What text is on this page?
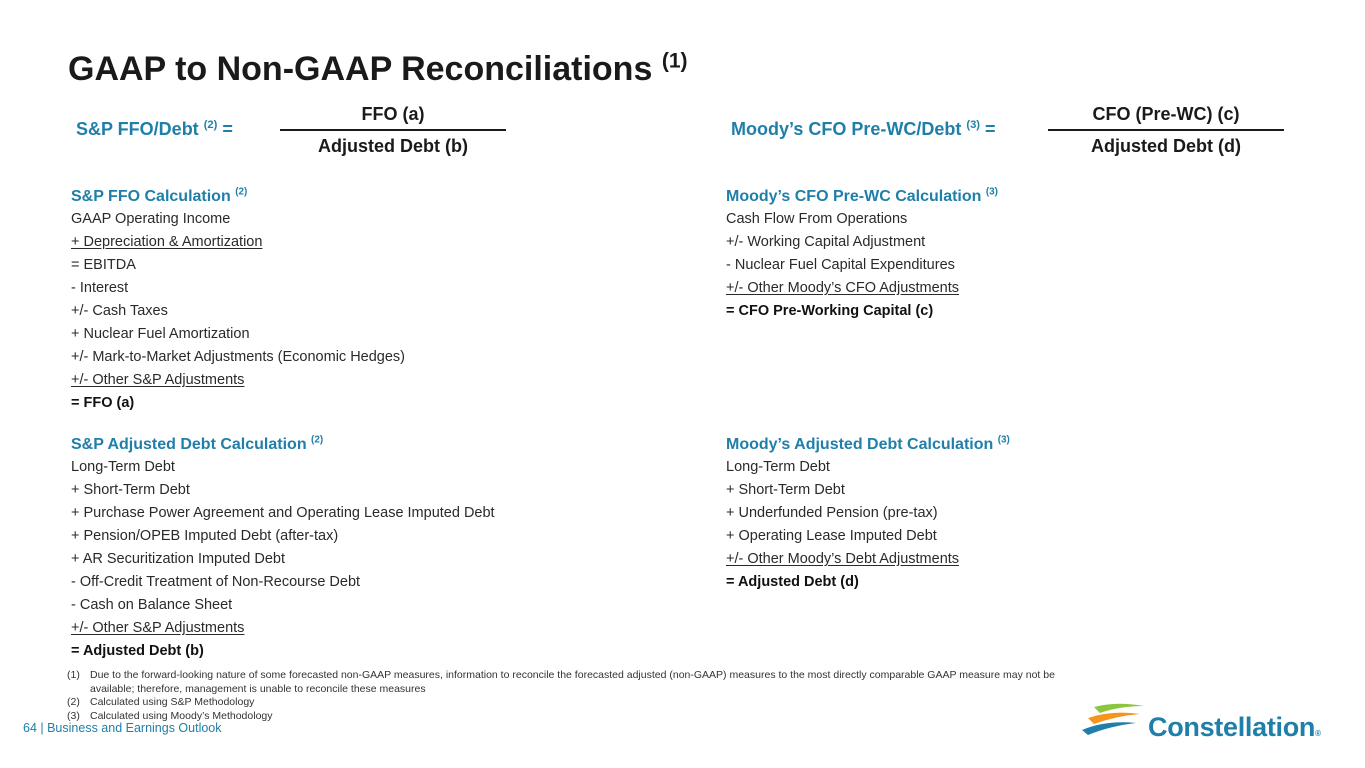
GAAP to Non-GAAP Reconciliations $^{(1)}$
S&P FFO/Debt $^{(2)}$ =
FFO (a)
Adjusted Debt (b)
Moody’s CFO Pre-WC/Debt $^{(3)}$ =
CFO (Pre-WC) (c)
Adjusted Debt (d)
S&P FFO Calculation $^{(2)}$
GAAP Operating Income
+ Depreciation & Amortization
= EBITDA
- Interest
+/- Cash Taxes
+ Nuclear Fuel Amortization
+/- Mark-to-Market Adjustments (Economic Hedges)
+/- Other S&P Adjustments
= FFO (a)
Moody’s CFO Pre-WC Calculation $^{(3)}$
Cash Flow From Operations
+/- Working Capital Adjustment
- Nuclear Fuel Capital Expenditures
+/- Other Moody’s CFO Adjustments
= CFO Pre-Working Capital (c)
S&P Adjusted Debt Calculation $^{(2)}$
Long-Term Debt
+ Short-Term Debt
+ Purchase Power Agreement and Operating Lease Imputed Debt
+ Pension/OPEB Imputed Debt (after-tax)
+ AR Securitization Imputed Debt
- Off-Credit Treatment of Non-Recourse Debt
- Cash on Balance Sheet
+/- Other S&P Adjustments
= Adjusted Debt (b)
Moody’s Adjusted Debt Calculation $^{(3)}$
Long-Term Debt
+ Short-Term Debt
+ Underfunded Pension (pre-tax)
+ Operating Lease Imputed Debt
+/- Other Moody’s Debt Adjustments
= Adjusted Debt (d)
(1) Due to the forward-looking nature of some forecasted non-GAAP measures, information to reconcile the forecasted adjusted (non-GAAP) measures to the most directly comparable GAAP measure may not be available; therefore, management is unable to reconcile these measures
(2) Calculated using S&P Methodology
(3) Calculated using Moody’s Methodology
64 | Business and Earnings Outlook	Constellation®
